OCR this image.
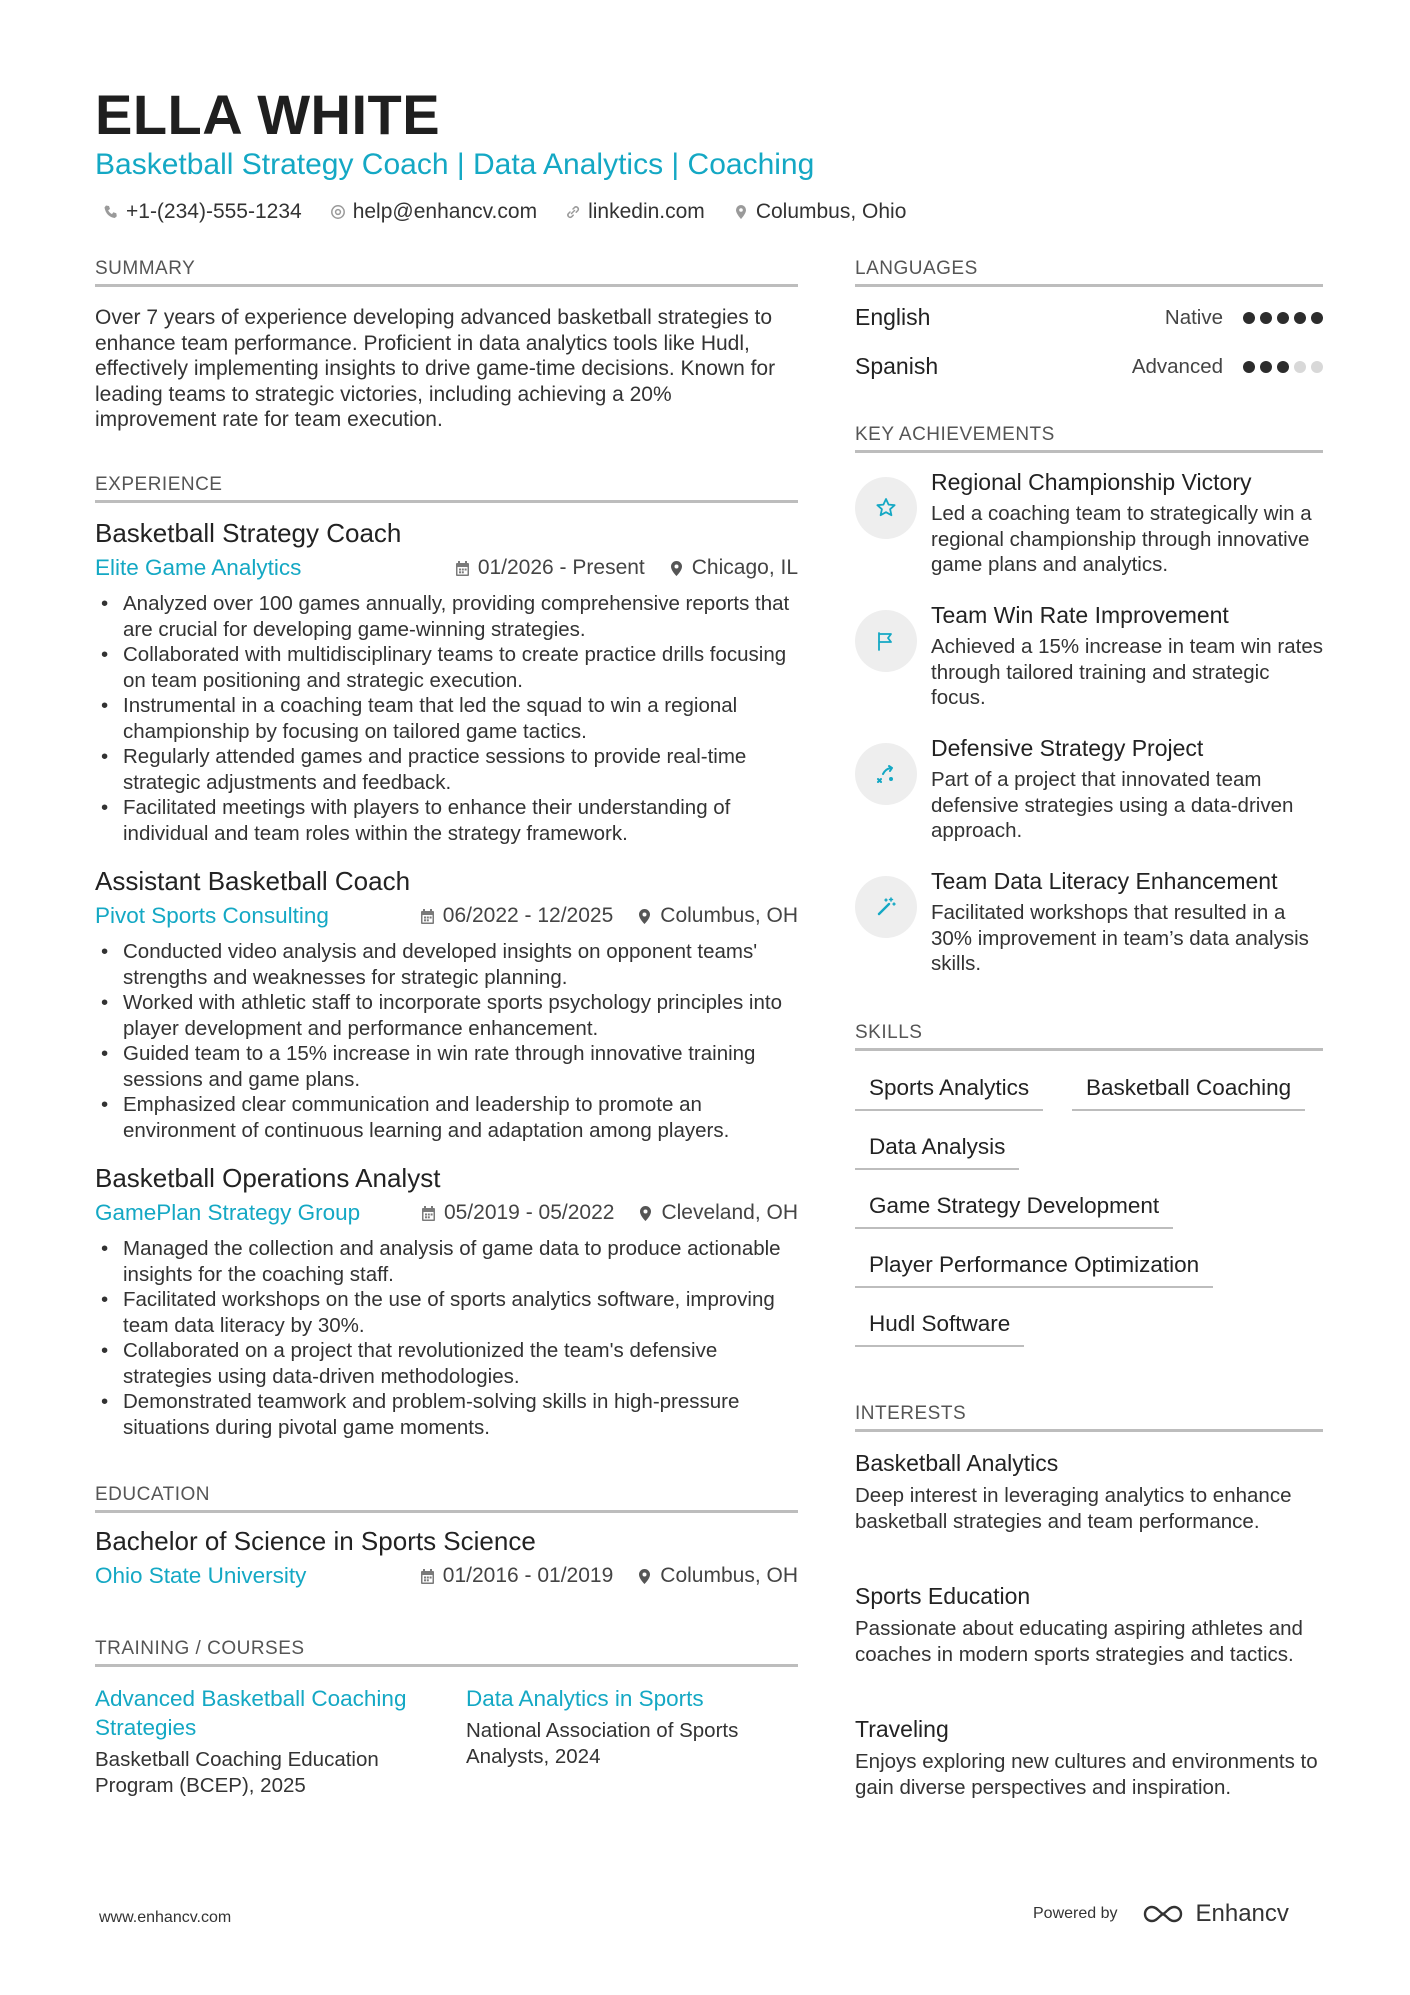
ELLA WHITE
Basketball Strategy Coach | Data Analytics | Coaching
+1-(234)-555-1234 help@enhancv.com linkedin.com Columbus, Ohio
SUMMARY
Over 7 years of experience developing advanced basketball strategies to enhance team performance. Proficient in data analytics tools like Hudl, effectively implementing insights to drive game-time decisions. Known for leading teams to strategic victories, including achieving a 20% improvement rate for team execution.
EXPERIENCE
Basketball Strategy Coach
Elite Game Analytics	01/2026 - Present Chicago, IL
• Analyzed over 100 games annually, providing comprehensive reports that are crucial for developing game-winning strategies.
• Collaborated with multidisciplinary teams to create practice drills focusing on team positioning and strategic execution.
• Instrumental in a coaching team that led the squad to win a regional championship by focusing on tailored game tactics.
• Regularly attended games and practice sessions to provide real-time strategic adjustments and feedback.
• Facilitated meetings with players to enhance their understanding of individual and team roles within the strategy framework.
Assistant Basketball Coach
Pivot Sports Consulting	06/2022 - 12/2025 Columbus, OH
• Conducted video analysis and developed insights on opponent teams' strengths and weaknesses for strategic planning.
• Worked with athletic staff to incorporate sports psychology principles into player development and performance enhancement.
• Guided team to a 15% increase in win rate through innovative training sessions and game plans.
• Emphasized clear communication and leadership to promote an environment of continuous learning and adaptation among players.
Basketball Operations Analyst
GamePlan Strategy Group	05/2019 - 05/2022 Cleveland, OH
• Managed the collection and analysis of game data to produce actionable insights for the coaching staff.
• Facilitated workshops on the use of sports analytics software, improving team data literacy by 30%.
• Collaborated on a project that revolutionized the team's defensive strategies using data-driven methodologies.
• Demonstrated teamwork and problem-solving skills in high-pressure situations during pivotal game moments.
EDUCATION
Bachelor of Science in Sports Science
Ohio State University	01/2016 - 01/2019 Columbus, OH
TRAINING / COURSES
Advanced Basketball Coaching Strategies
Basketball Coaching Education Program (BCEP), 2025
Data Analytics in Sports
National Association of Sports Analysts, 2024
LANGUAGES
English	Native
Spanish	Advanced
KEY ACHIEVEMENTS
Regional Championship Victory
Led a coaching team to strategically win a regional championship through innovative game plans and analytics.
Team Win Rate Improvement
Achieved a 15% increase in team win rates through tailored training and strategic focus.
Defensive Strategy Project
Part of a project that innovated team defensive strategies using a data-driven approach.
Team Data Literacy Enhancement
Facilitated workshops that resulted in a 30% improvement in team’s data analysis skills.
SKILLS
Sports Analytics	Basketball Coaching
Data Analysis
Game Strategy Development
Player Performance Optimization
Hudl Software
INTERESTS
Basketball Analytics
Deep interest in leveraging analytics to enhance basketball strategies and team performance.
Sports Education
Passionate about educating aspiring athletes and coaches in modern sports strategies and tactics.
Traveling
Enjoys exploring new cultures and environments to gain diverse perspectives and inspiration.
www.enhancv.com	Powered by	Enhancv
